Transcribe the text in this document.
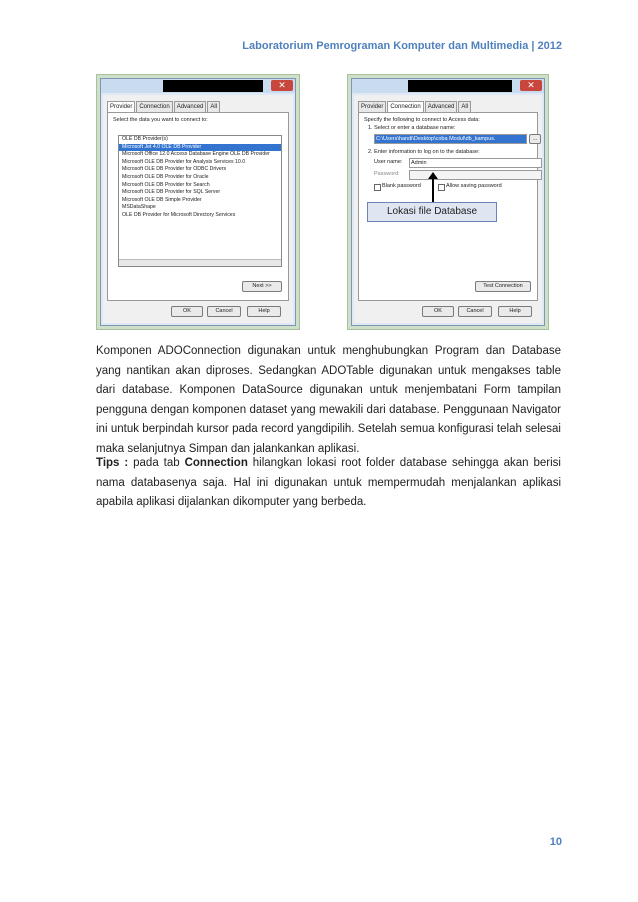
Laboratorium Pemrograman Komputer dan Multimedia | 2012
✕
Provider	Connection	Advanced	All
Select the data you want to connect to:
OLE DB Provider(s)
Microsoft Jet 4.0 OLE DB Provider
Microsoft Office 12.0 Access Database Engine OLE DB Provider
Microsoft OLE DB Provider for Analysis Services 10.0
Microsoft OLE DB Provider for ODBC Drivers
Microsoft OLE DB Provider for Oracle
Microsoft OLE DB Provider for Search
Microsoft OLE DB Provider for SQL Server
Microsoft OLE DB Simple Provider
MSDataShape
OLE DB Provider for Microsoft Directory Services
Next >>
OK	Cancel	Help
✕
Provider	Connection	Advanced	All
Specify the following to connect to Access data:
1. Select or enter a database name:
C:\Users\handi\Desktop\coba Modul\db_kampus.	...
2. Enter information to log on to the database:
User name:	Admin
Password:
Blank password	Allow saving password
Test Connection
OK	Cancel	Help
Lokasi file Database
Komponen ADOConnection digunakan untuk menghubungkan Program dan Database yang nantikan akan diproses. Sedangkan ADOTable digunakan untuk mengakses table dari database. Komponen DataSource digunakan untuk menjembatani Form tampilan pengguna dengan komponen dataset yang mewakili dari database. Penggunaan Navigator ini untuk berpindah kursor pada record yangdipilih. Setelah semua konfigurasi telah selesai maka selanjutnya Simpan dan jalankankan aplikasi.
Tips : pada tab Connection hilangkan lokasi root folder database sehingga akan berisi nama databasenya saja. Hal ini digunakan untuk mempermudah menjalankan aplikasi apabila aplikasi dijalankan dikomputer yang berbeda.
10
